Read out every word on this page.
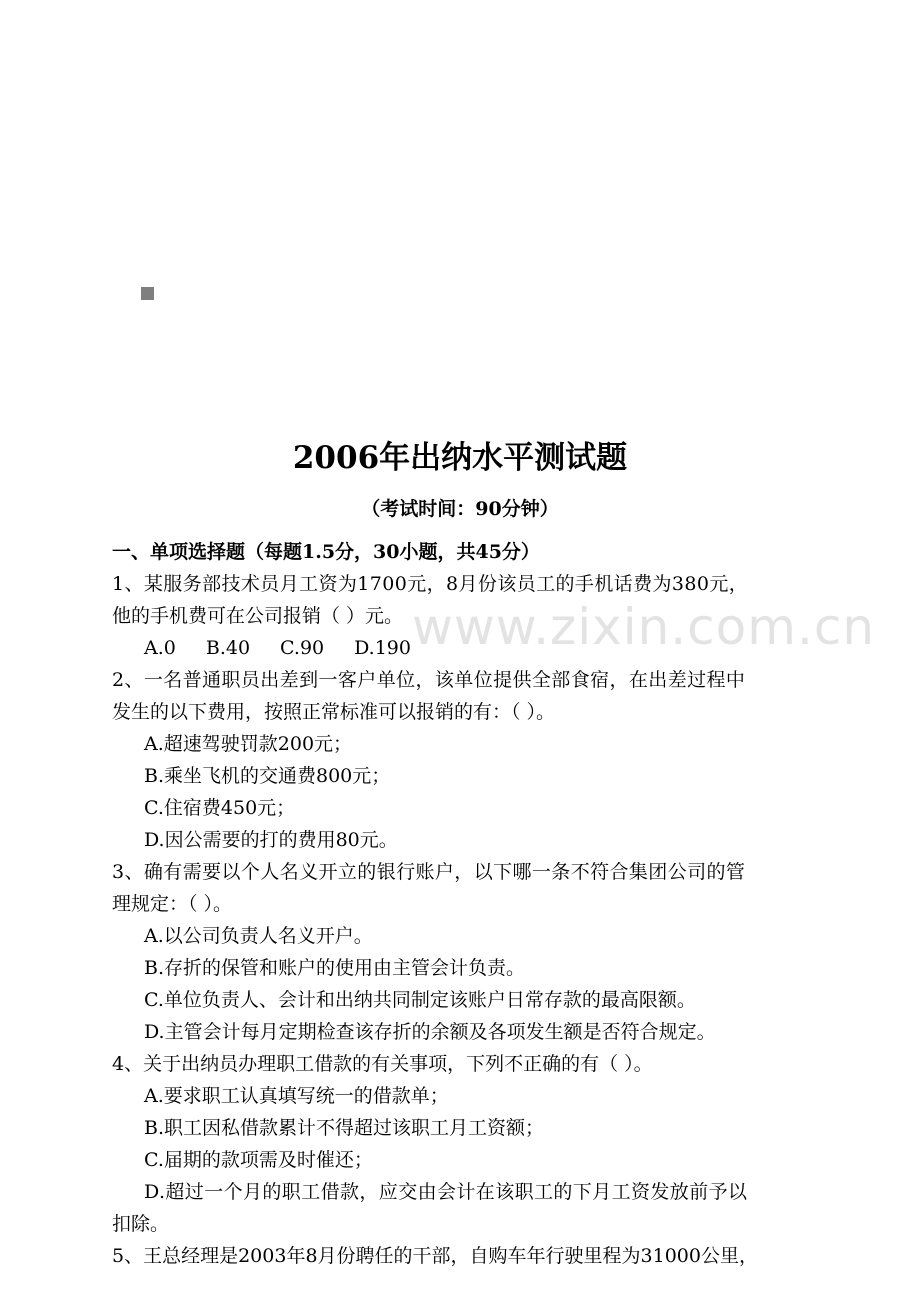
www.zixin.com.cn
2006年出纳水平测试题
（考试时间：90分钟）
一、单项选择题（每题1.5分，30小题，共45分）
1、某服务部技术员月工资为1700元，8月份该员工的手机话费为380元，
他的手机费可在公司报销（ ）元。
A.0 B.40 C.90 D.190
2、一名普通职员出差到一客户单位，该单位提供全部食宿，在出差过程中
发生的以下费用，按照正常标准可以报销的有：（ ）。
A.超速驾驶罚款200元；
B.乘坐飞机的交通费800元；
C.住宿费450元；
D.因公需要的打的费用80元。
3、确有需要以个人名义开立的银行账户，以下哪一条不符合集团公司的管
理规定：（ ）。
A.以公司负责人名义开户。
B.存折的保管和账户的使用由主管会计负责。
C.单位负责人、会计和出纳共同制定该账户日常存款的最高限额。
D.主管会计每月定期检查该存折的余额及各项发生额是否符合规定。
4、关于出纳员办理职工借款的有关事项，下列不正确的有（ ）。
A.要求职工认真填写统一的借款单；
B.职工因私借款累计不得超过该职工月工资额；
C.届期的款项需及时催还；
D.超过一个月的职工借款，应交由会计在该职工的下月工资发放前予以
扣除。
5、王总经理是2003年8月份聘任的干部，自购车年行驶里程为31000公里，
